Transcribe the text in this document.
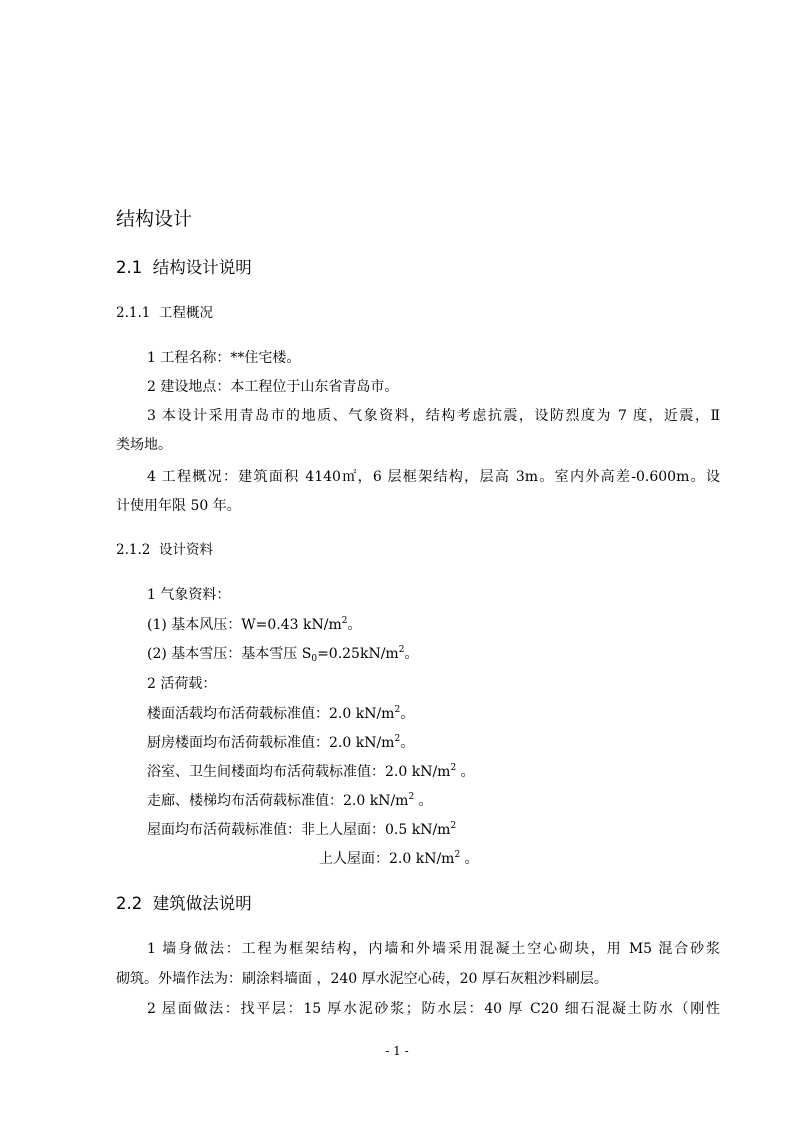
结构设计
2.1 结构设计说明
2.1.1 工程概况
1 工程名称：**住宅楼。
2 建设地点：本工程位于山东省青岛市。
3 本设计采用青岛市的地质、气象资料，结构考虑抗震，设防烈度为 7 度，近震，Ⅱ
类场地。
4 工程概况：建筑面积 4140㎡，6 层框架结构，层高 3m。室内外高差-0.600m。设
计使用年限 50 年。
2.1.2 设计资料
1 气象资料：
(1) 基本风压：W=0.43 $kN/m^2$。
(2) 基本雪压：基本雪压 $S_0=0.25kN/m^2$。
2 活荷载：
楼面活载均布活荷载标准值：2.0 $kN/m^2$。
厨房楼面均布活荷载标准值：2.0 $kN/m^2$。
浴室、卫生间楼面均布活荷载标准值：2.0 $kN/m^2$ 。
走廊、楼梯均布活荷载标准值：2.0 $kN/m^2$ 。
屋面均布活荷载标准值：非上人屋面：0.5 $kN/m^2$
上人屋面：2.0 $kN/m^2$ 。
2.2 建筑做法说明
1 墙身做法：工程为框架结构，内墙和外墙采用混凝土空心砌块，用 M5 混合砂浆
砌筑。外墙作法为：刷涂料墙面 ，240 厚水泥空心砖，20 厚石灰粗沙料刷层。
2 屋面做法：找平层：15 厚水泥砂浆；防水层：40 厚 C20 细石混凝土防水（刚性
- 1 -
